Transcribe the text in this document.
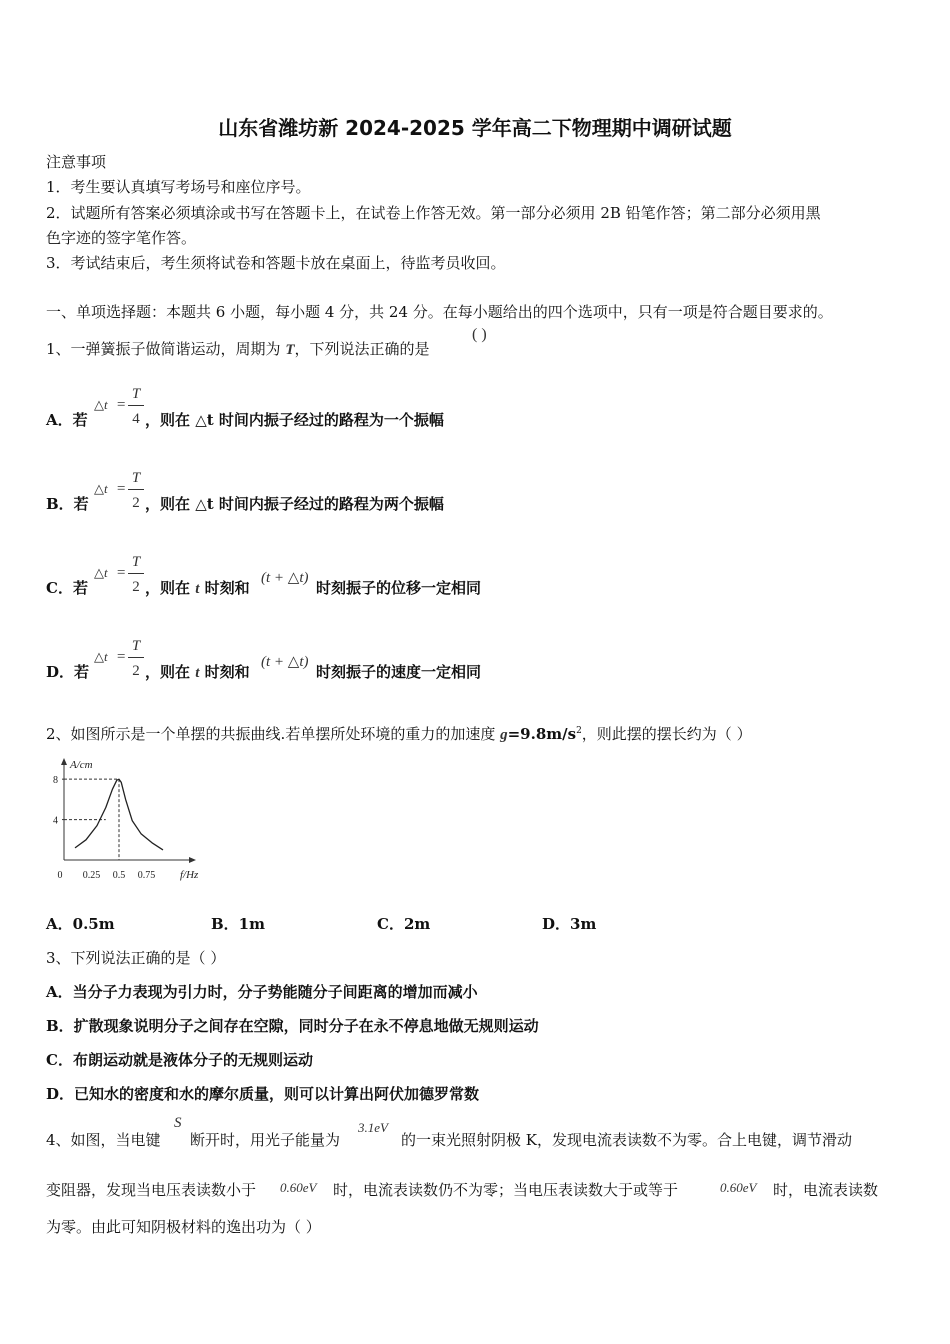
山东省潍坊新 2024-2025 学年高二下物理期中调研试题
注意事项
1．考生要认真填写考场号和座位序号。
2．试题所有答案必须填涂或书写在答题卡上，在试卷上作答无效。第一部分必须用 2B 铅笔作答；第二部分必须用黑
色字迹的签字笔作答。
3．考试结束后，考生须将试卷和答题卡放在桌面上，待监考员收回。
一、单项选择题：本题共 6 小题，每小题 4 分，共 24 分。在每小题给出的四个选项中，只有一项是符合题目要求的。
1、一弹簧振子做简谐运动，周期为 T，下列说法正确的是
( )
A．若
△t =
T
4 ，则在 △t 时间内振子经过的路程为一个振幅
B．若
△t =
T
2 ，则在 △t 时间内振子经过的路程为两个振幅
C．若
△t =
T
2 ，则在 t 时刻和
(t + △t)
时刻振子的位移一定相同
D．若
△t =
T
2 ，则在 t 时刻和
(t + △t)
时刻振子的速度一定相同
2、如图所示是一个单摆的共振曲线.若单摆所处环境的重力的加速度 $g=9.8m/s^2$，则此摆的摆长约为（ ）
A/cm
f/Hz
0 0.25 0.5 0.75
4
8
A．0.5m	B．1m	C．2m	D．3m
3、下列说法正确的是（ ）
A．当分子力表现为引力时，分子势能随分子间距离的增加而减小
B．扩散现象说明分子之间存在空隙，同时分子在永不停息地做无规则运动
C．布朗运动就是液体分子的无规则运动
D．已知水的密度和水的摩尔质量，则可以计算出阿伏加德罗常数
4、如图，当电键
S
断开时，用光子能量为
3.1eV
的一束光照射阴极 K，发现电流表读数不为零。合上电键，调节滑动
变阻器，发现当电压表读数小于 0.60eV 时，电流表读数仍不为零；当电压表读数大于或等于	0.60eV 时，电流表读数
为零。由此可知阴极材料的逸出功为（ ）
